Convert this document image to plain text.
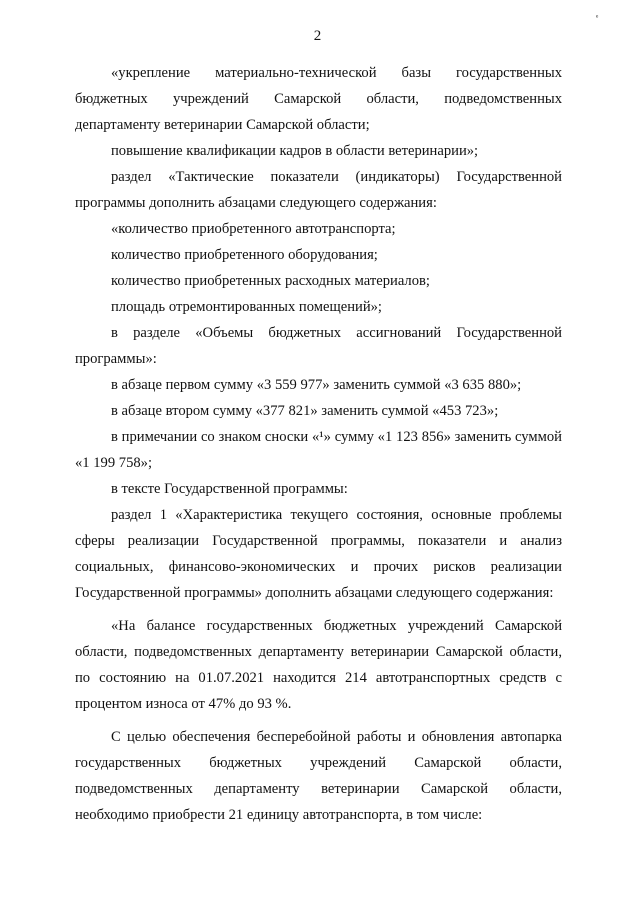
2
ᵉ

«укрепление материально-технической базы государственных бюджетных учреждений Самарской области, подведомственных департаменту ветеринарии Самарской области;

повышение квалификации кадров в области ветеринарии»;

раздел «Тактические показатели (индикаторы) Государственной программы дополнить абзацами следующего содержания:

«количество приобретенного автотранспорта;

количество приобретенного оборудования;

количество приобретенных расходных материалов;

площадь отремонтированных помещений»;

в разделе «Объемы бюджетных ассигнований Государственной программы»:

в абзаце первом сумму «3 559 977» заменить суммой «3 635 880»;

в абзаце втором сумму «377 821» заменить суммой «453 723»;

в примечании со знаком сноски «¹» сумму «1 123 856» заменить суммой «1 199 758»;

в тексте Государственной программы:

раздел 1 «Характеристика текущего состояния, основные проблемы сферы реализации Государственной программы, показатели и анализ социальных, финансово-экономических и прочих рисков реализации Государственной программы» дополнить абзацами следующего содержания:

«На балансе государственных бюджетных учреждений Самарской области, подведомственных департаменту ветеринарии Самарской области, по состоянию на 01.07.2021 находится 214 автотранспортных средств с процентом износа от 47% до 93 %.

С целью обеспечения бесперебойной работы и обновления автопарка государственных бюджетных учреждений Самарской области, подведомственных департаменту ветеринарии Самарской области, необходимо приобрести 21 единицу автотранспорта, в том числе:
